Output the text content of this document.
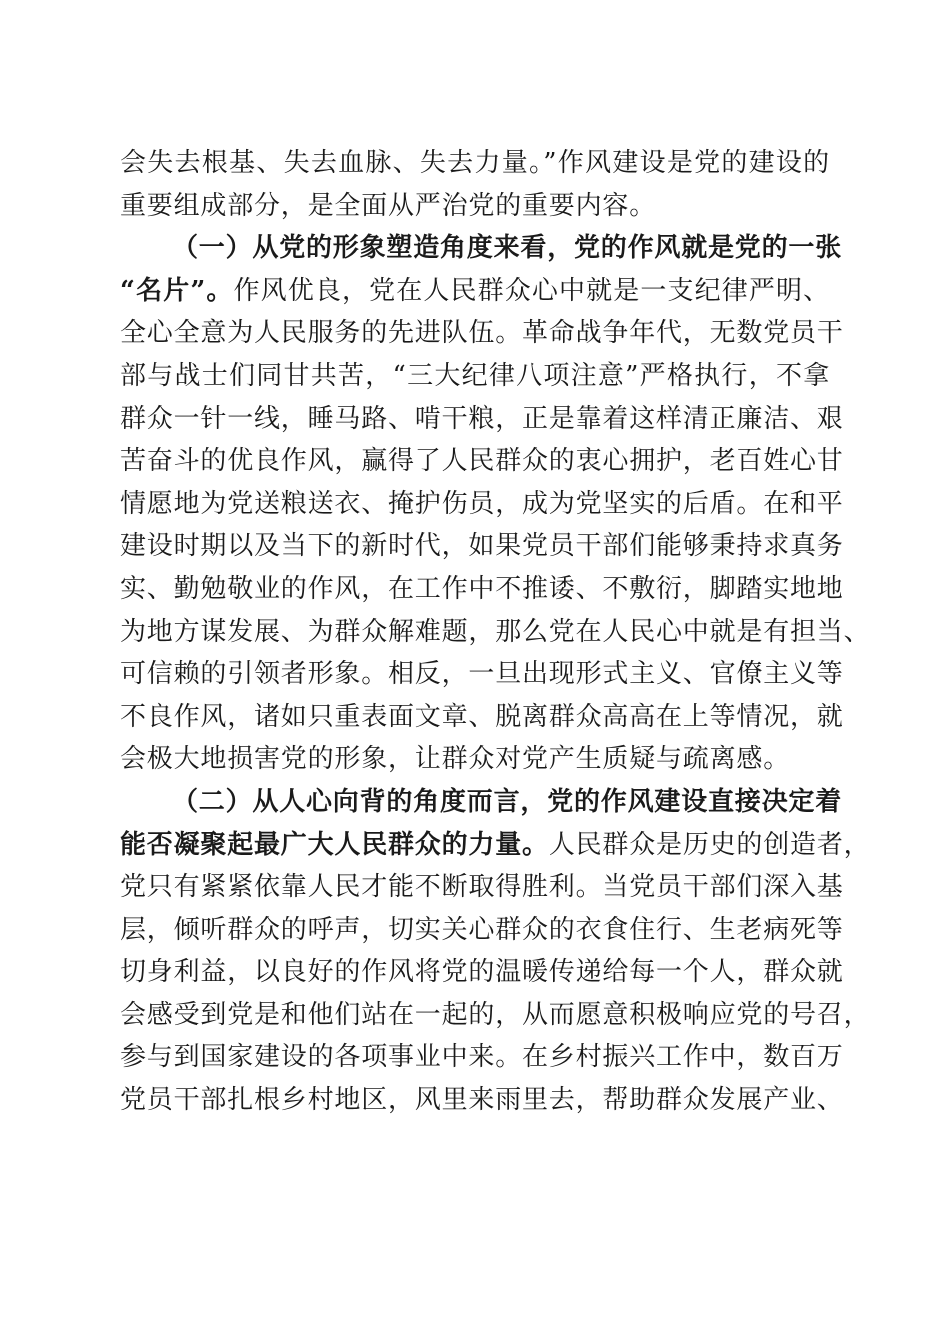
会失去根基、失去血脉、失去力量。”作风建设是党的建设的
重要组成部分，是全面从严治党的重要内容。
（一）从党的形象塑造角度来看，党的作风就是党的一张
“名片”。作风优良，党在人民群众心中就是一支纪律严明、
全心全意为人民服务的先进队伍。革命战争年代，无数党员干
部与战士们同甘共苦，“三大纪律八项注意”严格执行，不拿
群众一针一线，睡马路、啃干粮，正是靠着这样清正廉洁、艰
苦奋斗的优良作风，赢得了人民群众的衷心拥护，老百姓心甘
情愿地为党送粮送衣、掩护伤员，成为党坚实的后盾。在和平
建设时期以及当下的新时代，如果党员干部们能够秉持求真务
实、勤勉敬业的作风，在工作中不推诿、不敷衍，脚踏实地地
为地方谋发展、为群众解难题，那么党在人民心中就是有担当、
可信赖的引领者形象。相反，一旦出现形式主义、官僚主义等
不良作风，诸如只重表面文章、脱离群众高高在上等情况，就
会极大地损害党的形象，让群众对党产生质疑与疏离感。
（二）从人心向背的角度而言，党的作风建设直接决定着
能否凝聚起最广大人民群众的力量。人民群众是历史的创造者，
党只有紧紧依靠人民才能不断取得胜利。当党员干部们深入基
层，倾听群众的呼声，切实关心群众的衣食住行、生老病死等
切身利益，以良好的作风将党的温暖传递给每一个人，群众就
会感受到党是和他们站在一起的，从而愿意积极响应党的号召，
参与到国家建设的各项事业中来。在乡村振兴工作中，数百万
党员干部扎根乡村地区，风里来雨里去，帮助群众发展产业、
